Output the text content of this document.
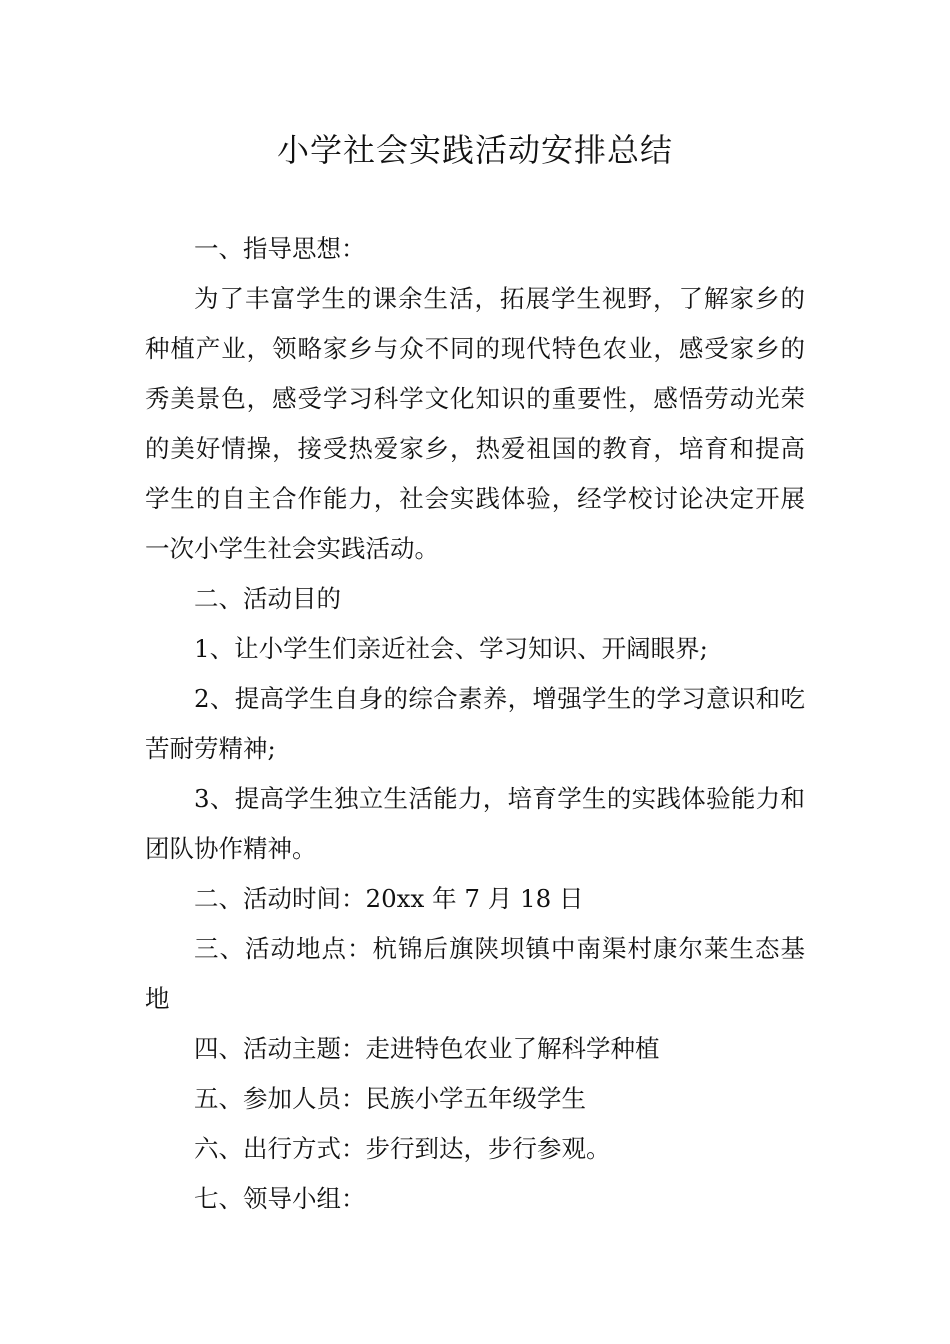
小学社会实践活动安排总结

一、指导思想：

为了丰富学生的课余生活，拓展学生视野，了解家乡的种植产业，领略家乡与众不同的现代特色农业，感受家乡的秀美景色，感受学习科学文化知识的重要性，感悟劳动光荣的美好情操，接受热爱家乡，热爱祖国的教育，培育和提高学生的自主合作能力，社会实践体验，经学校讨论决定开展一次小学生社会实践活动。

二、活动目的

1、让小学生们亲近社会、学习知识、开阔眼界;

2、提高学生自身的综合素养，增强学生的学习意识和吃苦耐劳精神;

3、提高学生独立生活能力，培育学生的实践体验能力和团队协作精神。

二、活动时间：20xx 年 7 月 18 日

三、活动地点：杭锦后旗陕坝镇中南渠村康尔莱生态基地

四、活动主题：走进特色农业了解科学种植

五、参加人员：民族小学五年级学生

六、出行方式：步行到达，步行参观。

七、领导小组：
